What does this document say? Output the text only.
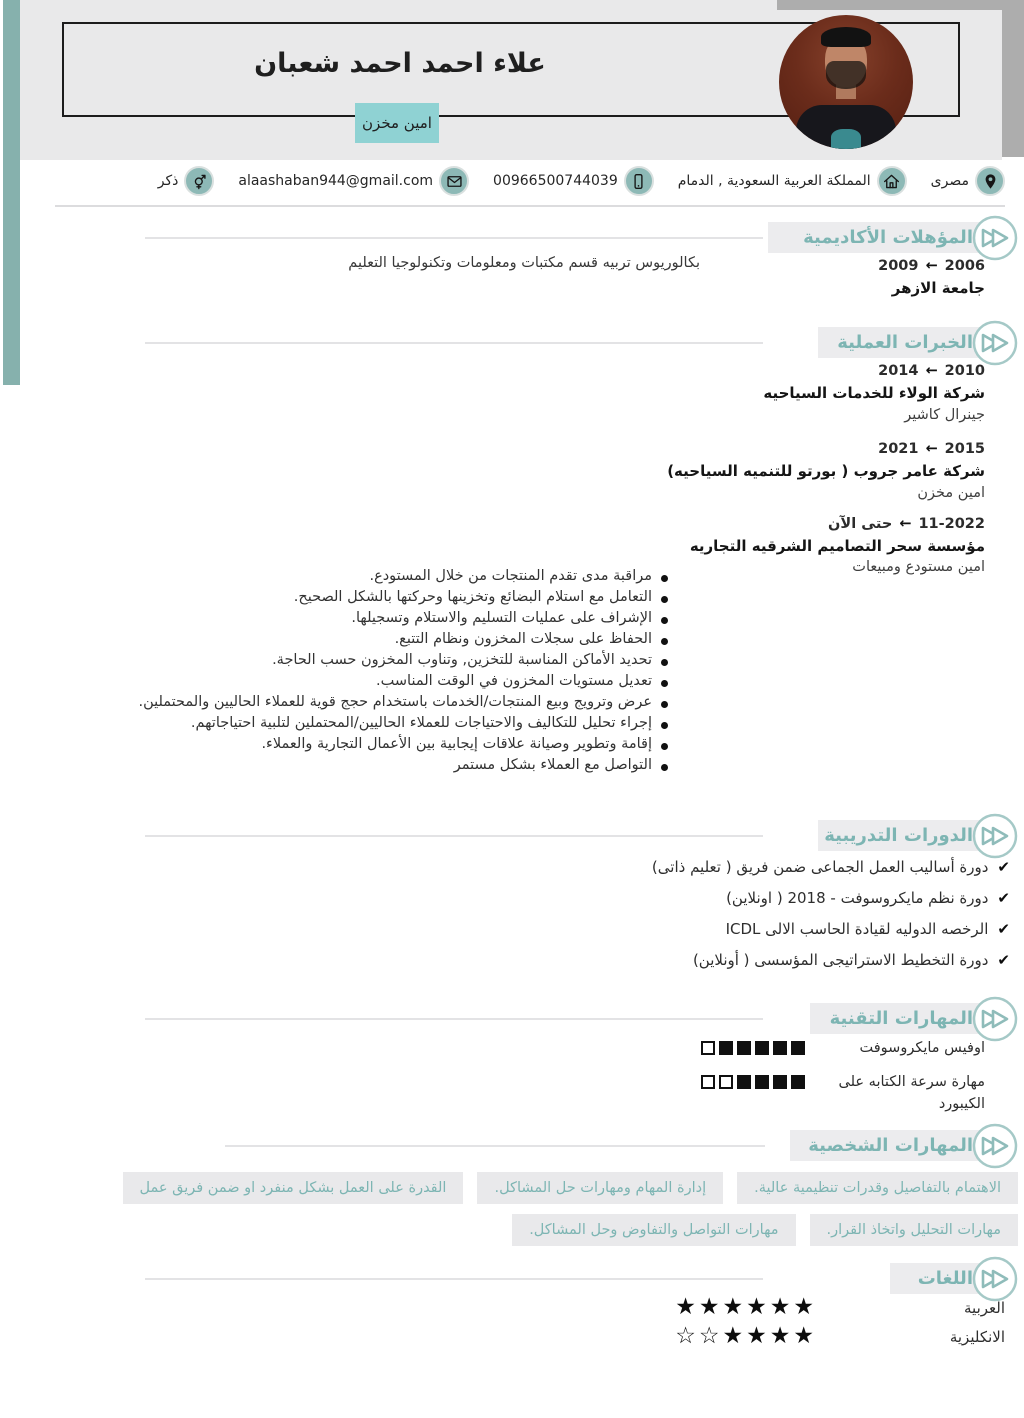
علاء احمد احمد شعبان
امين مخزن
مصرى
المملكة العربية السعودية , الدمام
00966500744039
alaashaban944@gmail.com
ذكر
المؤهلات الأكاديمية
2006
←
2009
جامعة الازهر
بكالوريوس تربيه قسم مكتبات ومعلومات وتكنولوجيا التعليم
الخبرات العملية
2010
←
2014
شركة الولاء للخدمات السياحيه
جينرال كاشير
2015
←
2021
شركة عامر جروب ( بورتو للتنميه السياحيه)
امين مخزن
11-2022
←
حتى الآن
مؤسسة سحر التصاميم الشرقيه التجاريه
امين مستودع ومبيعات
مراقبة مدى تقدم المنتجات من خلال المستودع.
التعامل مع استلام البضائع وتخزينها وحركتها بالشكل الصحيح.
الإشراف على عمليات التسليم والاستلام وتسجيلها.
الحفاظ على سجلات المخزون ونظام التتبع.
تحديد الأماكن المناسبة للتخزين, وتناوب المخزون حسب الحاجة.
تعديل مستويات المخزون في الوقت المناسب.
عرض وترويج وبيع المنتجات/الخدمات باستخدام حجج قوية للعملاء الحاليين والمحتملين.
إجراء تحليل للتكاليف والاحتياجات للعملاء الحاليين/المحتملين لتلبية احتياجاتهم.
إقامة وتطوير وصيانة علاقات إيجابية بين الأعمال التجارية والعملاء.
التواصل مع العملاء بشكل مستمر
الدورات التدريبية
✔
دورة أساليب العمل الجماعى ضمن فريق ( تعليم ذاتى)
✔
دورة نظم مايكروسوفت - 2018 ( اونلاين)
✔
الرخصه الدوليه لقيادة الحاسب الالى ICDL
✔
دورة التخطيط الاستراتيجى المؤسسى ( أونلاين)
المهارات التقنية
اوفيس مايكروسوفت
مهارة سرعة الكتابه على الكيبورد
المهارات الشخصية
الاهتمام بالتفاصيل وقدرات تنظيمية عالية.
إدارة المهام ومهارات حل المشاكل.
القدرة على العمل بشكل منفرد او ضمن فريق عمل
مهارات التحليل واتخاذ القرار.
مهارات التواصل والتفاوض وحل المشاكل.
اللغات
العربية
★
★
★
★
★
★
الانكليزية
★
★
★
★
☆
☆
